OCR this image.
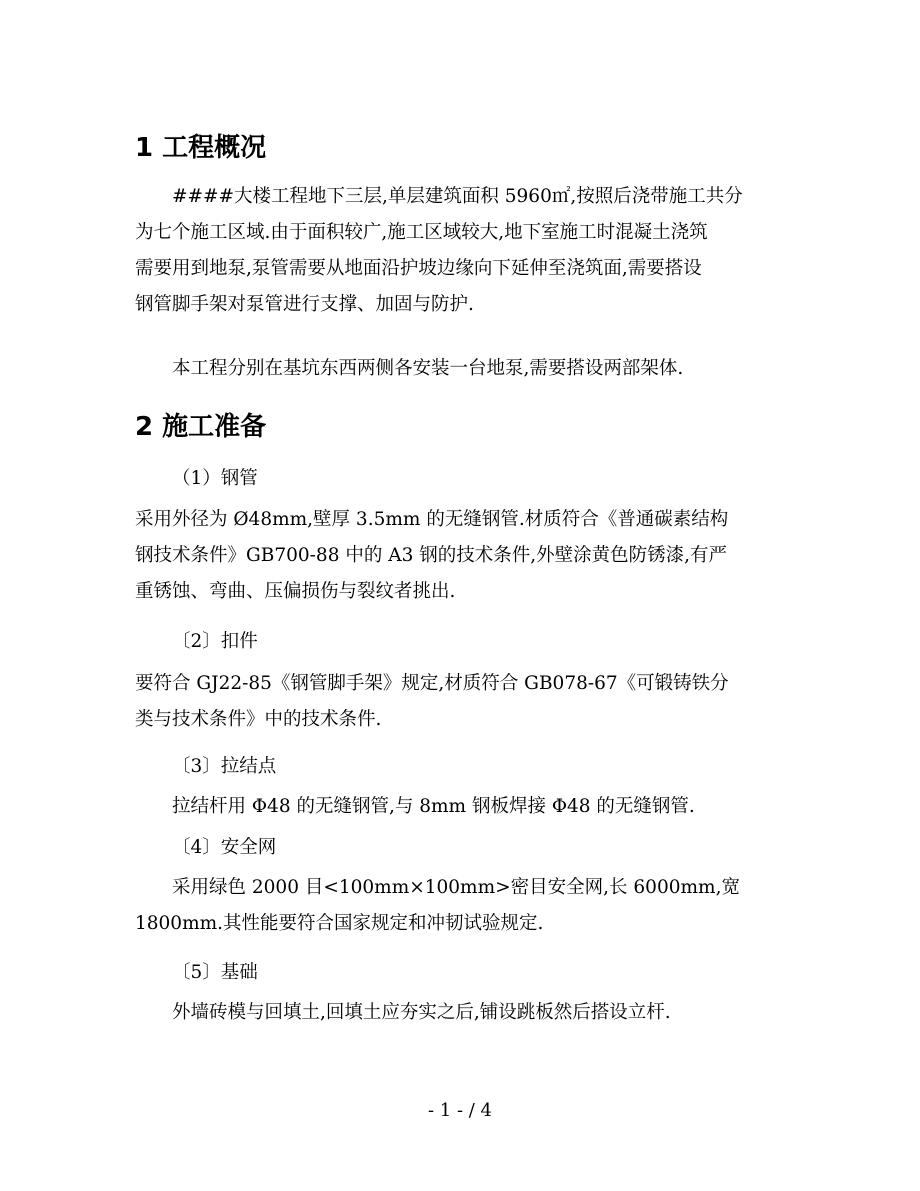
1 工程概况
####大楼工程地下三层,单层建筑面积 5960㎡,按照后浇带施工共分
为七个施工区域.由于面积较广,施工区域较大,地下室施工时混凝土浇筑
需要用到地泵,泵管需要从地面沿护坡边缘向下延伸至浇筑面,需要搭设
钢管脚手架对泵管进行支撑、加固与防护.

本工程分别在基坑东西两侧各安装一台地泵,需要搭设两部架体.

2 施工准备

（1）钢管

采用外径为 Ø48mm,壁厚 3.5mm 的无缝钢管.材质符合《普通碳素结构
钢技术条件》GB700-88 中的 A3 钢的技术条件,外壁涂黄色防锈漆,有严
重锈蚀、弯曲、压偏损伤与裂纹者挑出.

〔2〕扣件

要符合 GJ22-85《钢管脚手架》规定,材质符合 GB078-67《可锻铸铁分
类与技术条件》中的技术条件.

〔3〕拉结点

拉结杆用 Φ48 的无缝钢管,与 8mm 钢板焊接 Φ48 的无缝钢管.

〔4〕安全网

采用绿色 2000 目<100mm×100mm>密目安全网,长 6000mm,宽
1800mm.其性能要符合国家规定和冲韧试验规定.

〔5〕基础

外墙砖模与回填土,回填土应夯实之后,铺设跳板然后搭设立杆.

- 1 - / 4
